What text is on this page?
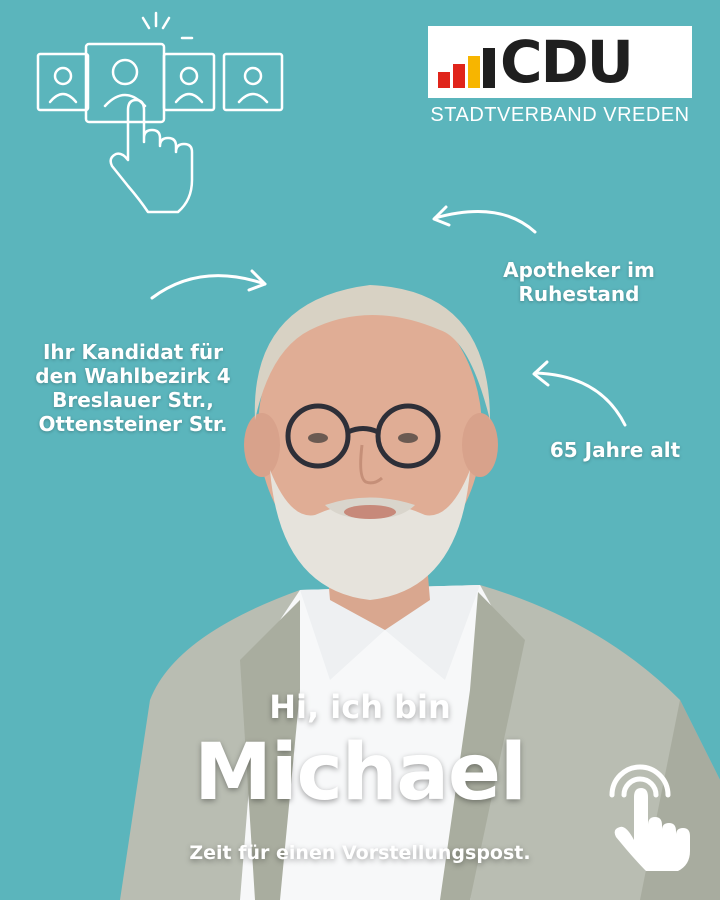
CDU
STADTVERBAND VREDEN
Apotheker im Ruhestand
Ihr Kandidat für den Wahlbezirk 4 Breslauer Str., Ottensteiner Str.
65 Jahre alt
Hi, ich bin
Michael
Zeit für einen Vorstellungspost.
